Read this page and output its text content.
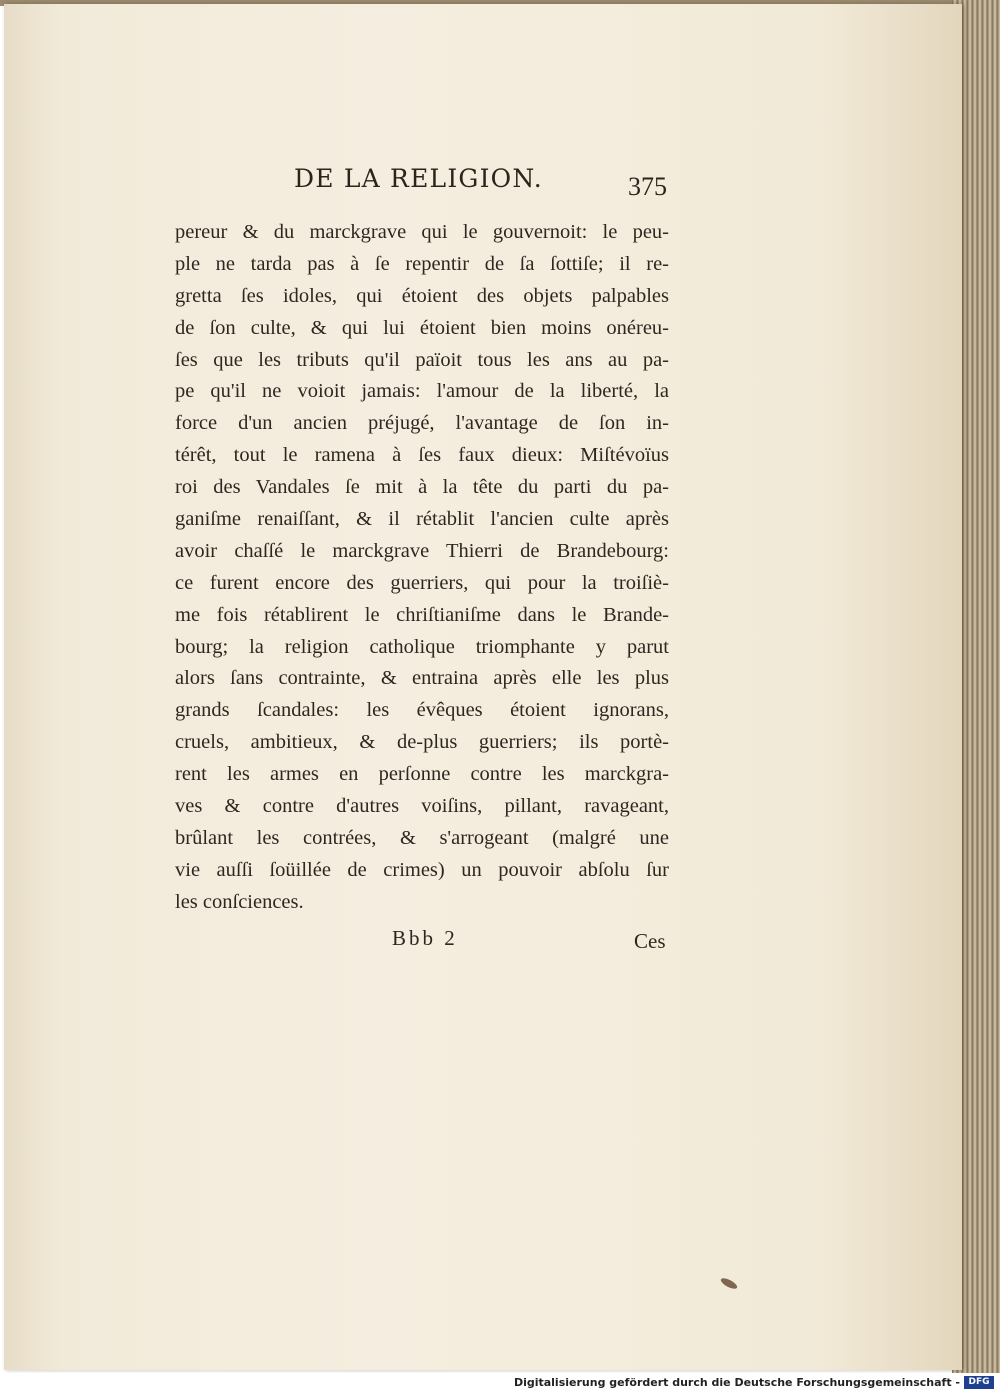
DE LA RELIGION.	375
pereur & du marckgrave qui le gouvernoit: le peu-
ple ne tarda pas à ſe repentir de ſa ſottiſe; il re-
gretta ſes idoles, qui étoient des objets palpables
de ſon culte, & qui lui étoient bien moins onéreu-
ſes que les tributs qu'il païoit tous les ans au pa-
pe qu'il ne voioit jamais: l'amour de la liberté, la
force d'un ancien préjugé, l'avantage de ſon in-
térêt, tout le ramena à ſes faux dieux: Miſtévoïus
roi des Vandales ſe mit à la tête du parti du pa-
ganiſme renaiſſant, & il rétablit l'ancien culte après
avoir chaſſé le marckgrave Thierri de Brandebourg:
ce furent encore des guerriers, qui pour la troiſiè-
me fois rétablirent le chriſtianiſme dans le Brande-
bourg; la religion catholique triomphante y parut
alors ſans contrainte, & entraina après elle les plus
grands ſcandales: les évêques étoient ignorans,
cruels, ambitieux, & de-plus guerriers; ils portè-
rent les armes en perſonne contre les marckgra-
ves & contre d'autres voiſins, pillant, ravageant,
brûlant les contrées, & s'arrogeant (malgré une
vie auſſi ſoüillée de crimes) un pouvoir abſolu ſur
les conſciences.
Bbb 2	Ces
Digitalisierung gefördert durch die Deutsche Forschungsgemeinschaft - DFG
